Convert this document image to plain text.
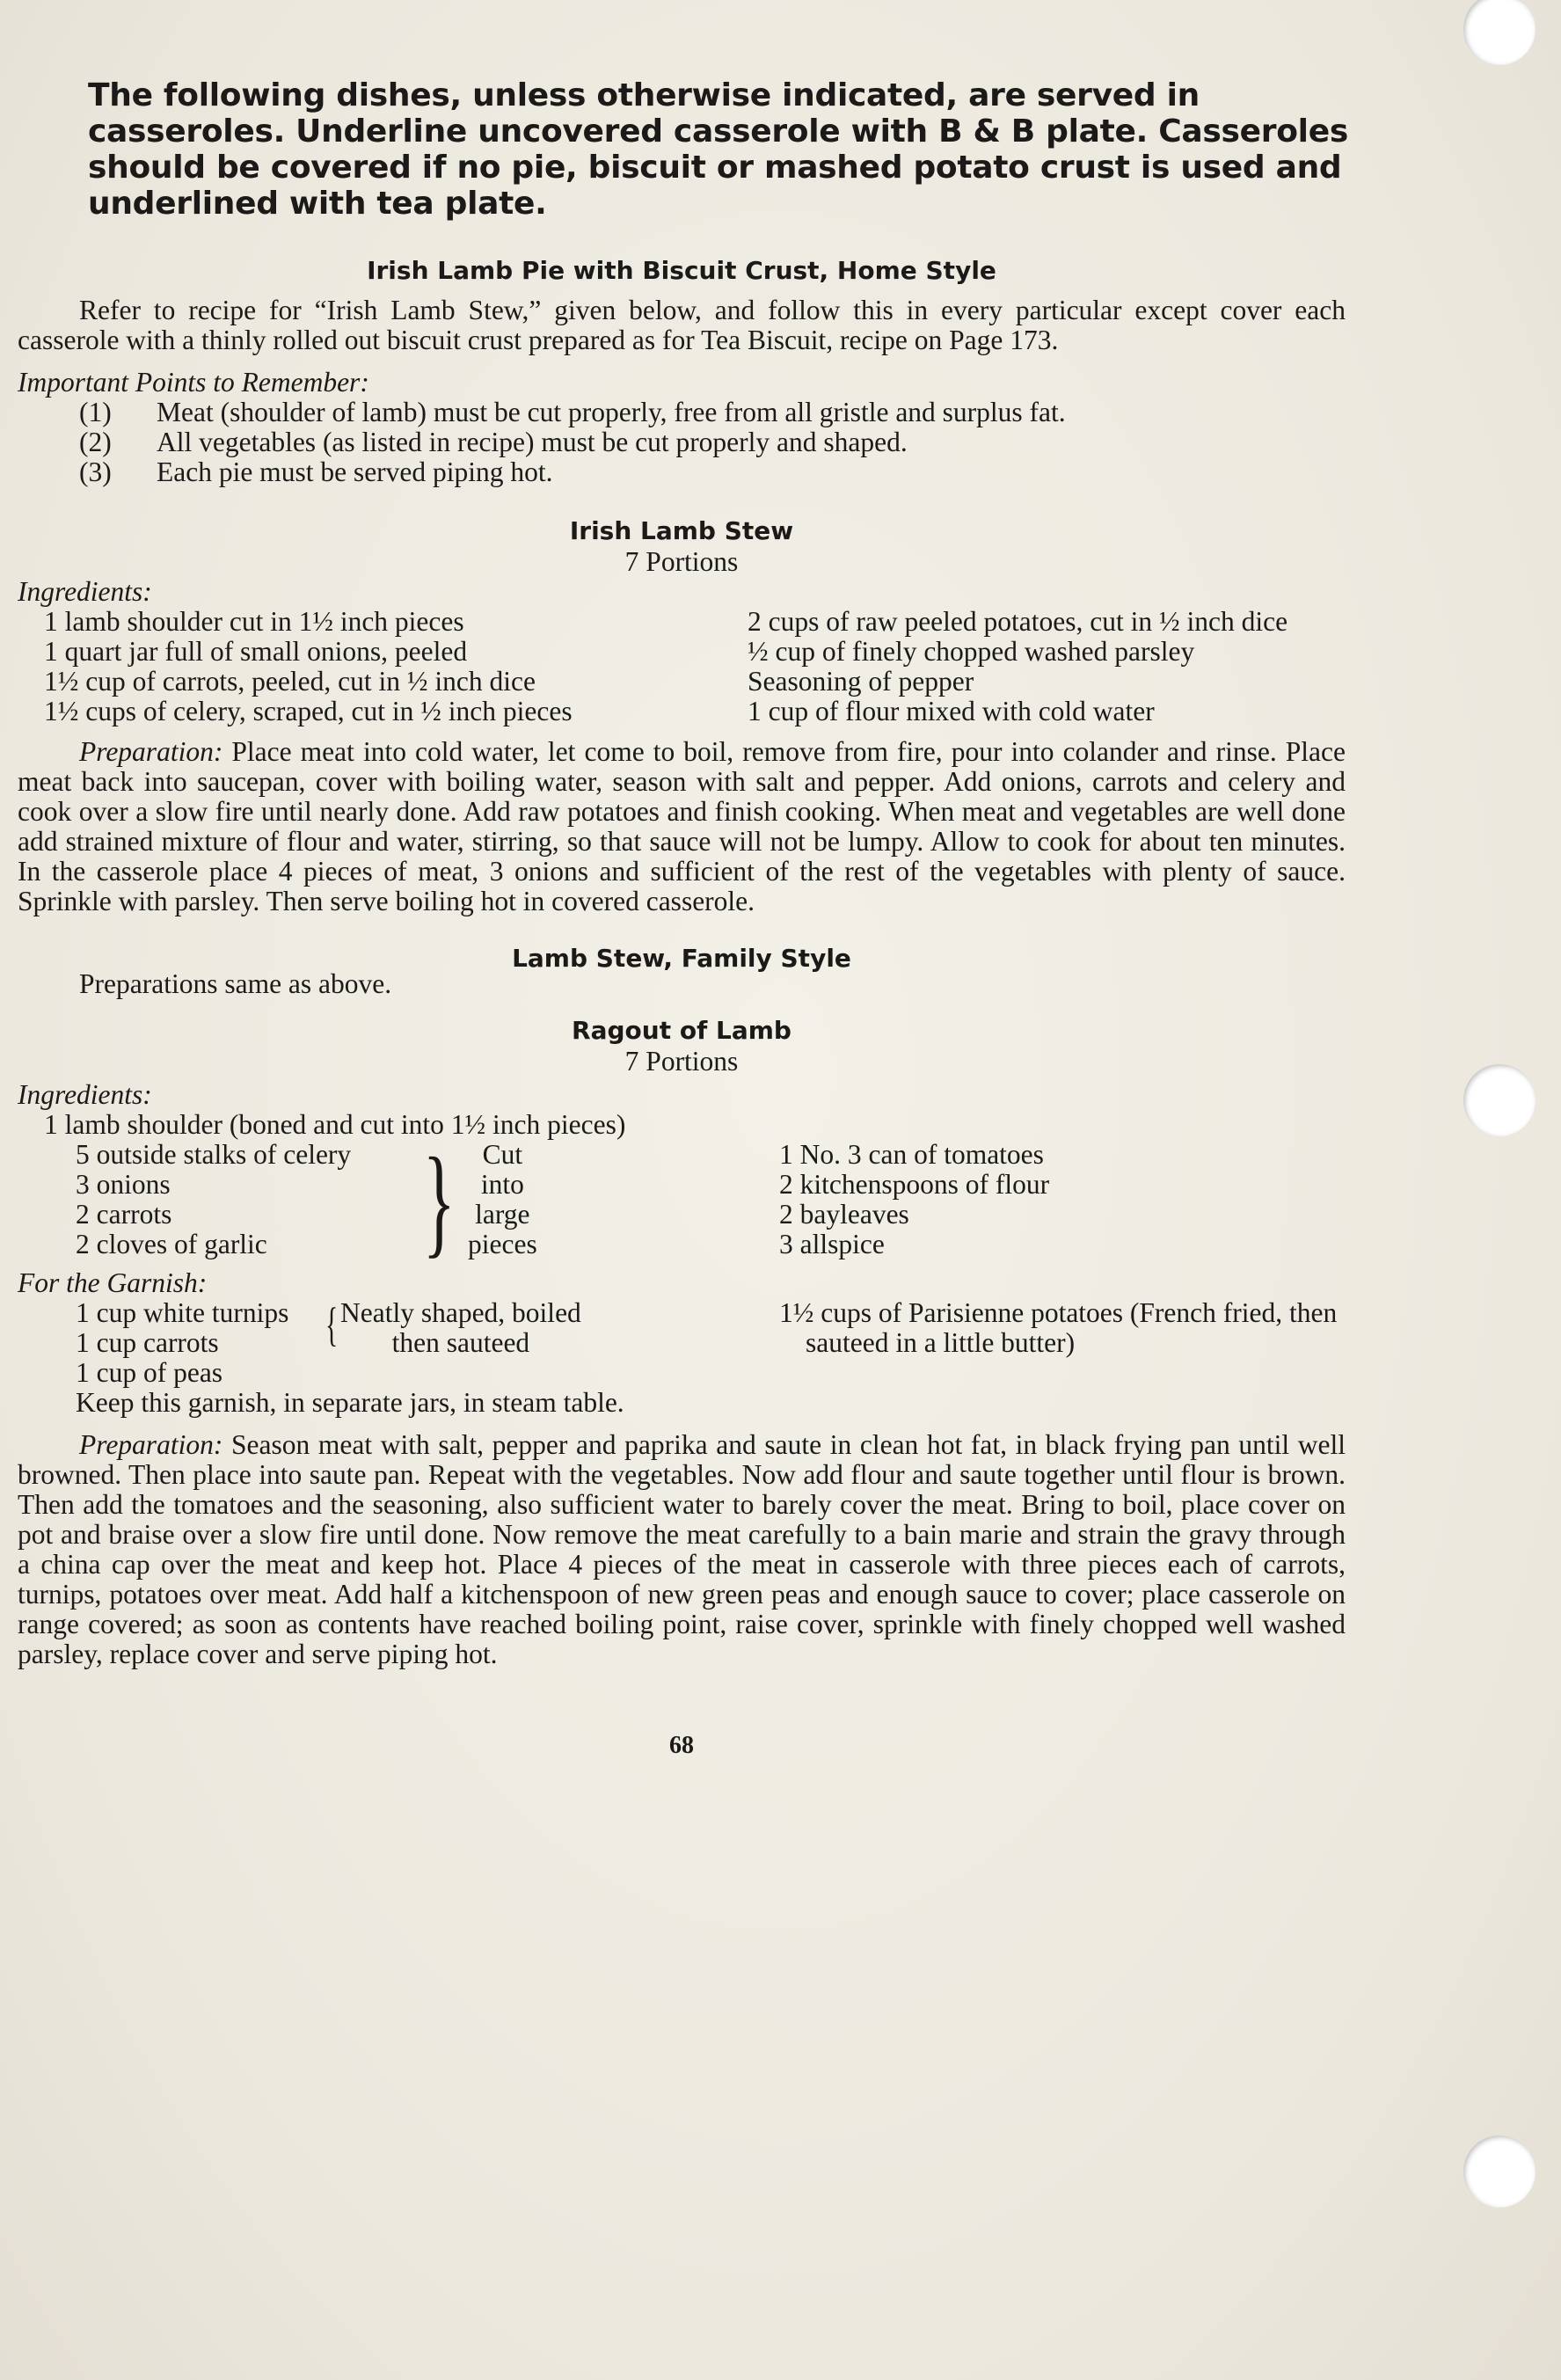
The following dishes, unless otherwise indicated, are served in casseroles. Underline uncovered casserole with B & B plate. Casseroles should be covered if no pie, biscuit or mashed potato crust is used and underlined with tea plate.

Irish Lamb Pie with Biscuit Crust, Home Style

Refer to recipe for “Irish Lamb Stew,” given below, and follow this in every particular except cover each casserole with a thinly rolled out biscuit crust prepared as for Tea Biscuit, recipe on Page 173.

Important Points to Remember:

(1) Meat (shoulder of lamb) must be cut properly, free from all gristle and surplus fat.
(2) All vegetables (as listed in recipe) must be cut properly and shaped.
(3) Each pie must be served piping hot.

Irish Lamb Stew

7 Portions

Ingredients:

1 lamb shoulder cut in 1½ inch pieces
1 quart jar full of small onions, peeled
1½ cup of carrots, peeled, cut in ½ inch dice
1½ cups of celery, scraped, cut in ½ inch pieces
2 cups of raw peeled potatoes, cut in ½ inch dice
½ cup of finely chopped washed parsley
Seasoning of pepper
1 cup of flour mixed with cold water

Preparation: Place meat into cold water, let come to boil, remove from fire, pour into colander and rinse. Place meat back into saucepan, cover with boiling water, season with salt and pepper. Add onions, carrots and celery and cook over a slow fire until nearly done. Add raw potatoes and finish cooking. When meat and vegetables are well done add strained mixture of flour and water, stirring, so that sauce will not be lumpy. Allow to cook for about ten minutes. In the casserole place 4 pieces of meat, 3 onions and sufficient of the rest of the vegetables with plenty of sauce. Sprinkle with parsley. Then serve boiling hot in covered casserole.

Lamb Stew, Family Style

Preparations same as above.

Ragout of Lamb

7 Portions

Ingredients:

1 lamb shoulder (boned and cut into 1½ inch pieces)
5 outside stalks of celery
3 onions
2 carrots
2 cloves of garlic	} Cut
into
large
pieces
1 No. 3 can of tomatoes
2 kitchenspoons of flour
2 bayleaves
3 allspice

For the Garnish:

1 cup white turnips
1 cup carrots
1 cup of peas
{ Neatly shaped, boiled
then sauteed
1½ cups of Parisienne potatoes (French fried, then sauteed in a little butter)

Keep this garnish, in separate jars, in steam table.

Preparation: Season meat with salt, pepper and paprika and saute in clean hot fat, in black frying pan until well browned. Then place into saute pan. Repeat with the vegetables. Now add flour and saute together until flour is brown. Then add the tomatoes and the seasoning, also sufficient water to barely cover the meat. Bring to boil, place cover on pot and braise over a slow fire until done. Now remove the meat carefully to a bain marie and strain the gravy through a china cap over the meat and keep hot. Place 4 pieces of the meat in casserole with three pieces each of carrots, turnips, potatoes over meat. Add half a kitchenspoon of new green peas and enough sauce to cover; place casserole on range covered; as soon as contents have reached boiling point, raise cover, sprinkle with finely chopped well washed parsley, replace cover and serve piping hot.

68
